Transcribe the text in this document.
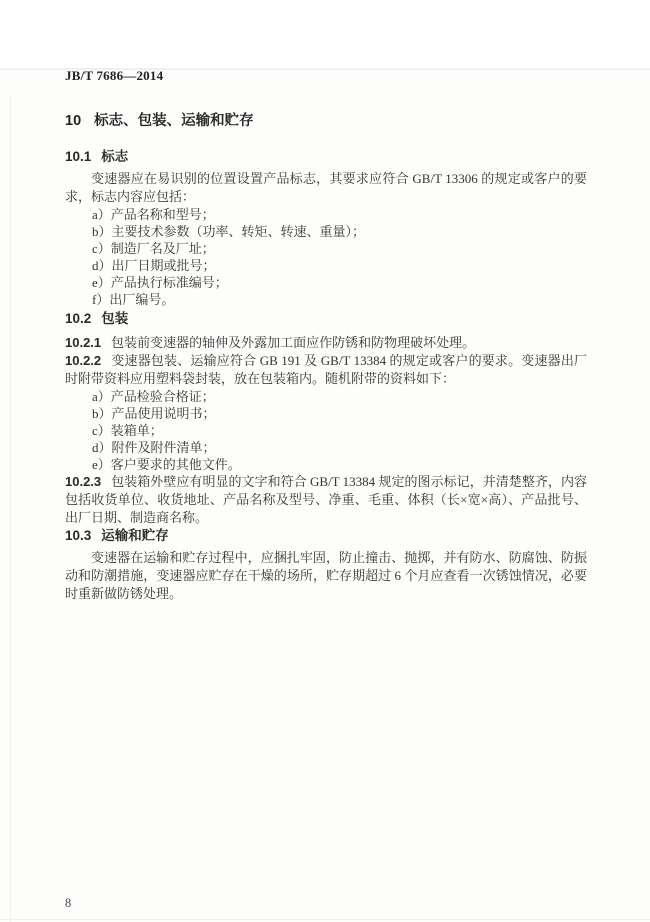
JB/T 7686—2014
10 标志、包装、运输和贮存
10.1 标志

变速器应在易识别的位置设置产品标志，其要求应符合 GB/T 13306 的规定或客户的要求，标志内容应包括：

a）产品名称和型号；
b）主要技术参数（功率、转矩、转速、重量）；
c）制造厂名及厂址；
d）出厂日期或批号；
e）产品执行标准编号；
f）出厂编号。
10.2 包装

10.2.1 包装前变速器的轴伸及外露加工面应作防锈和防物理破坏处理。

10.2.2 变速器包装、运输应符合 GB 191 及 GB/T 13384 的规定或客户的要求。变速器出厂时附带资料应用塑料袋封装，放在包装箱内。随机附带的资料如下：

a）产品检验合格证；
b）产品使用说明书；
c）装箱单；
d）附件及附件清单；
e）客户要求的其他文件。

10.2.3 包装箱外壁应有明显的文字和符合 GB/T 13384 规定的图示标记，并清楚整齐，内容包括收货单位、收货地址、产品名称及型号、净重、毛重、体积（长×宽×高）、产品批号、出厂日期、制造商名称。

10.3 运输和贮存

变速器在运输和贮存过程中，应捆扎牢固，防止撞击、抛掷，并有防水、防腐蚀、防振动和防潮措施，变速器应贮存在干燥的场所，贮存期超过 6 个月应查看一次锈蚀情况，必要时重新做防锈处理。

8
